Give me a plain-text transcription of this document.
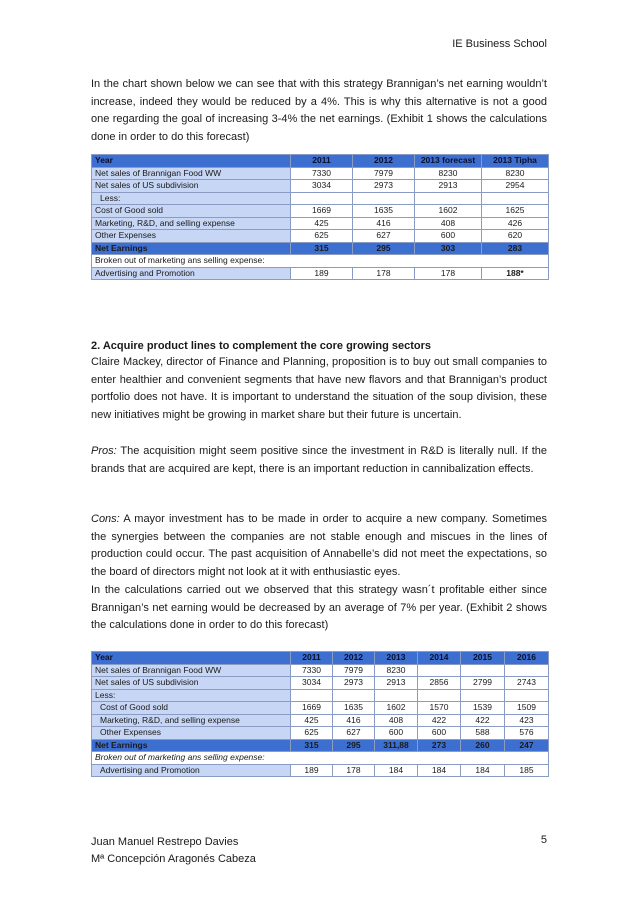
IE Business School

In the chart shown below we can see that with this strategy Brannigan’s net earning wouldn’t increase, indeed they would be reduced by a 4%. This is why this alternative is not a good one regarding the goal of increasing 3-4% the net earnings. (Exhibit 1 shows the calculations done in order to do this forecast)

Year	2011	2012	2013 forecast	2013 Tipha
Net sales of Brannigan Food WW	7330	7979	8230	8230
Net sales of US subdivision	3034	2973	2913	2954
Less:				
Cost of Good sold	1669	1635	1602	1625
Marketing, R&D, and selling expense	425	416	408	426
Other Expenses	625	627	600	620
Net Earnings	315	295	303	283
Broken out of marketing ans selling expense:				
Advertising and Promotion	189	178	178	188*

2. Acquire product lines to complement the core growing sectors

Claire Mackey, director of Finance and Planning, proposition is to buy out small companies to enter healthier and convenient segments that have new flavors and that Brannigan’s product portfolio does not have. It is important to understand the situation of the soup division, these new initiatives might be growing in market share but their future is uncertain.

Pros: The acquisition might seem positive since the investment in R&D is literally null. If the brands that are acquired are kept, there is an important reduction in cannibalization effects.

Cons: A mayor investment has to be made in order to acquire a new company. Sometimes the synergies between the companies are not stable enough and miscues in the lines of production could occur. The past acquisition of Annabelle’s did not meet the expectations, so the board of directors might not look at it with enthusiastic eyes.

In the calculations carried out we observed that this strategy wasn´t profitable either since Brannigan’s net earning would be decreased by an average of 7% per year. (Exhibit 2 shows the calculations done in order to do this forecast)

Year	2011	2012	2013	2014	2015	2016
Net sales of Brannigan Food WW	7330	7979	8230			
Net sales of US subdivision	3034	2973	2913	2856	2799	2743
Less:						
Cost of Good sold	1669	1635	1602	1570	1539	1509
Marketing, R&D, and selling expense	425	416	408	422	422	423
Other Expenses	625	627	600	600	588	576
Net Earnings	315	295	311,88	273	260	247
Broken out of marketing ans selling expense:						
Advertising and Promotion	189	178	184	184	184	185
Juan Manuel Restrepo Davies
Mª Concepción Aragonés Cabeza
5
